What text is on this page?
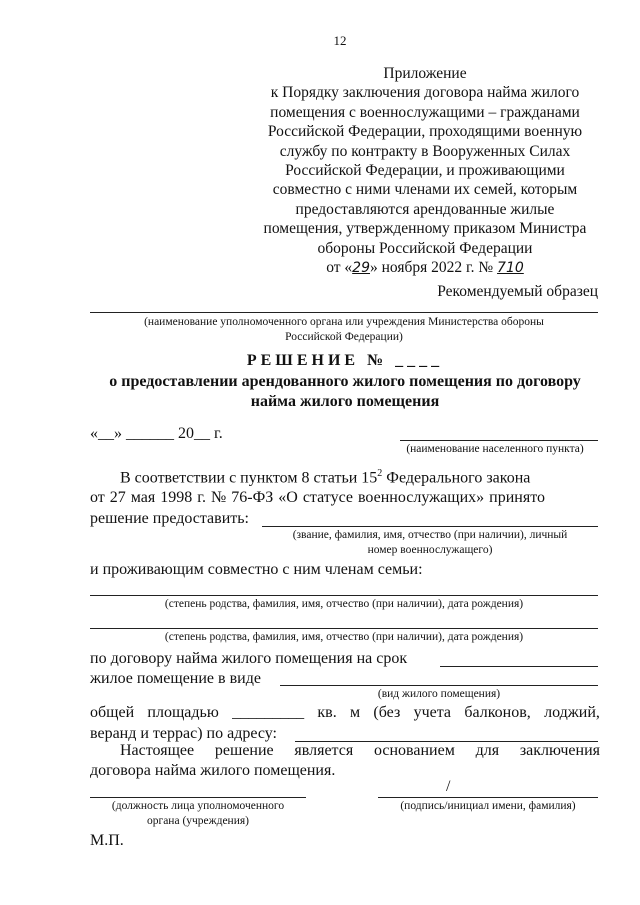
12
Приложение
к Порядку заключения договора найма жилого
помещения с военнослужащими – гражданами
Российской Федерации, проходящими военную
службу по контракту в Вооруженных Силах
Российской Федерации, и проживающими
совместно с ними членами их семей, которым
предоставляются арендованные жилые
помещения, утвержденному приказом Министра
обороны Российской Федерации
от «29» ноября 2022 г. № 710
Рекомендуемый образец
(наименование уполномоченного органа или учреждения Министерства обороны
Российской Федерации)
РЕШЕНИЕ № ____
о предоставлении арендованного жилого помещения по договору
найма жилого помещения
«__» ______ 20__ г.
(наименование населенного пункта)
В соответствии с пунктом 8 статьи $15^2$ Федерального закона
от 27 мая 1998 г. № 76-ФЗ «О статусе военнослужащих» принято
решение предоставить:
(звание, фамилия, имя, отчество (при наличии), личный
номер военнослужащего)
и проживающим совместно с ним членам семьи:
(степень родства, фамилия, имя, отчество (при наличии), дата рождения)
(степень родства, фамилия, имя, отчество (при наличии), дата рождения)
по договору найма жилого помещения на срок
жилое помещение в виде
(вид жилого помещения)
общей площадью _________ кв. м (без учета балконов, лоджий,
веранд и террас) по адресу:
Настоящее решение является основанием для заключения
договора найма жилого помещения.
(должность лица уполномоченного
органа (учреждения)
/
(подпись/инициал имени, фамилия)
М.П.
